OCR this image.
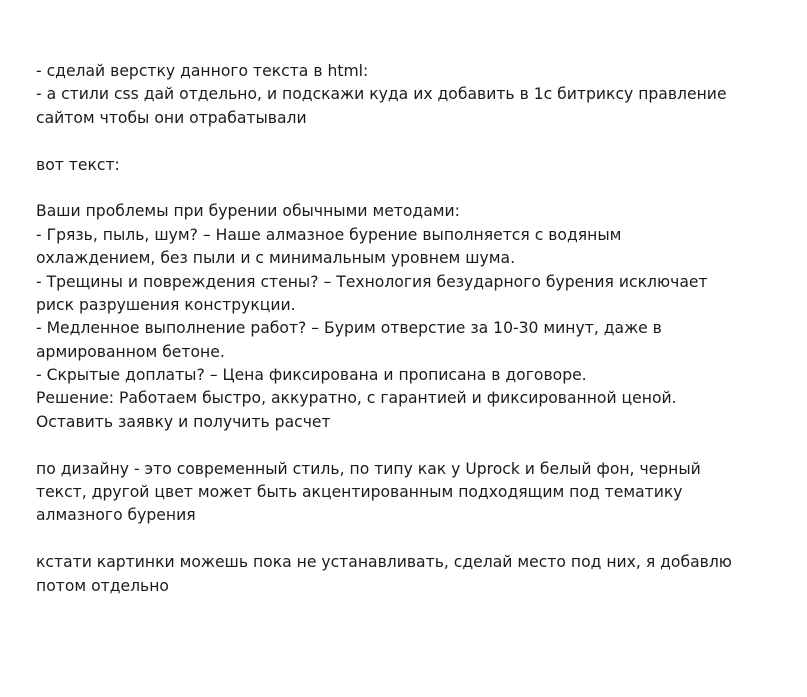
- сделай верстку данного текста в html:
- а стили css дай отдельно, и подскажи куда их добавить в 1с битриксу правление
сайтом чтобы они отрабатывали
вот текст:
Ваши проблемы при бурении обычными методами:
- Грязь, пыль, шум? – Наше алмазное бурение выполняется с водяным
охлаждением, без пыли и с минимальным уровнем шума.
- Трещины и повреждения стены? – Технология безударного бурения исключает
риск разрушения конструкции.
- Медленное выполнение работ? – Бурим отверстие за 10-30 минут, даже в
армированном бетоне.
- Скрытые доплаты? – Цена фиксирована и прописана в договоре.
Решение: Работаем быстро, аккуратно, с гарантией и фиксированной ценой.
Оставить заявку и получить расчет
по дизайну - это современный стиль, по типу как у Uprock и белый фон, черный
текст, другой цвет может быть акцентированным подходящим под тематику
алмазного бурения
кстати картинки можешь пока не устанавливать, сделай место под них, я добавлю
потом отдельно
